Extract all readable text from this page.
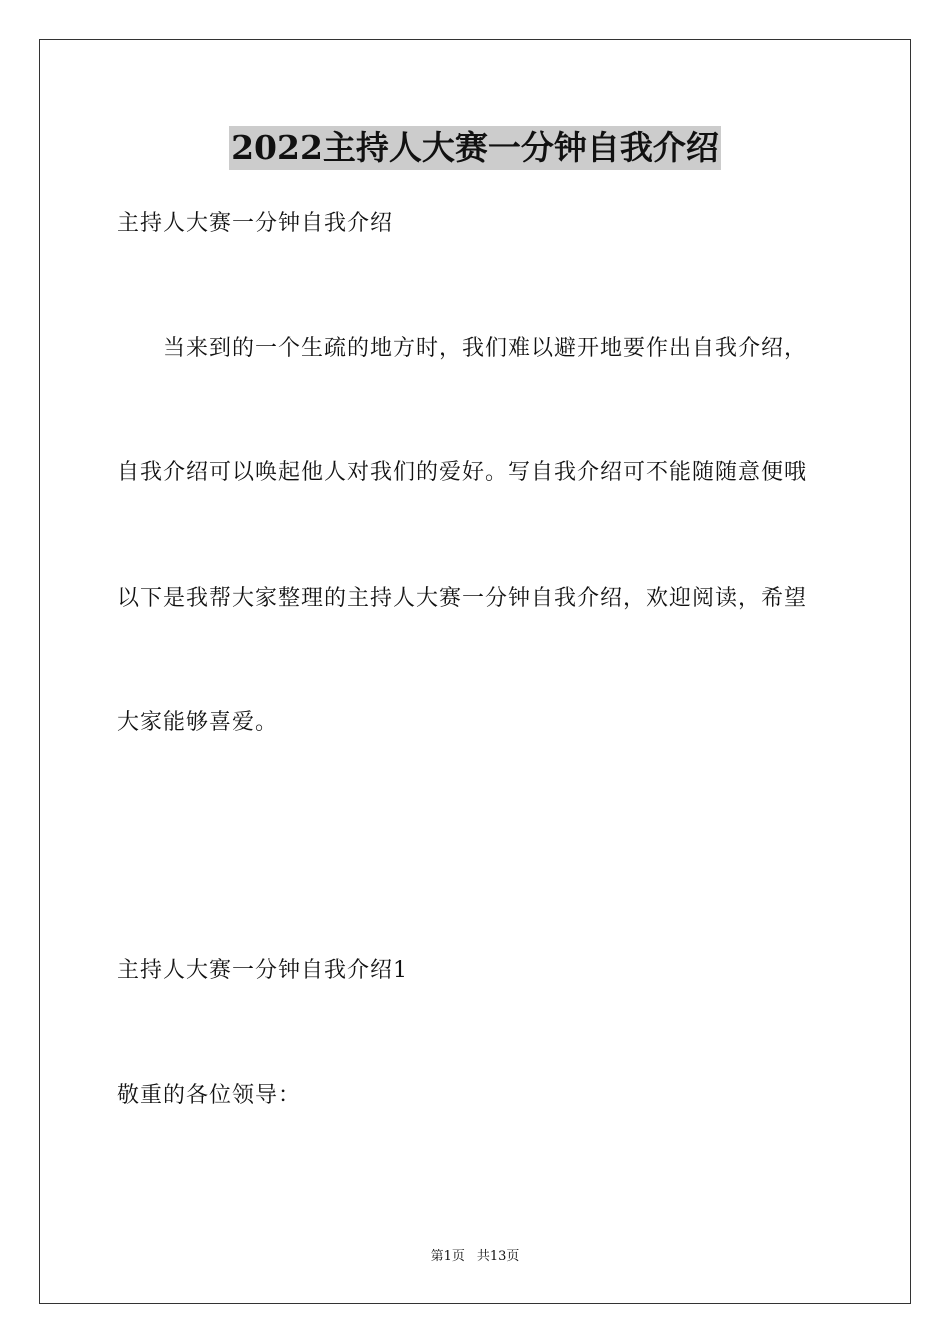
2022主持人大赛一分钟自我介绍
主持人大赛一分钟自我介绍
当来到的一个生疏的地方时，我们难以避开地要作出自我介绍，
自我介绍可以唤起他人对我们的爱好。写自我介绍可不能随随意便哦
以下是我帮大家整理的主持人大赛一分钟自我介绍，欢迎阅读，希望
大家能够喜爱。
主持人大赛一分钟自我介绍1
敬重的各位领导：
第1页 共13页
